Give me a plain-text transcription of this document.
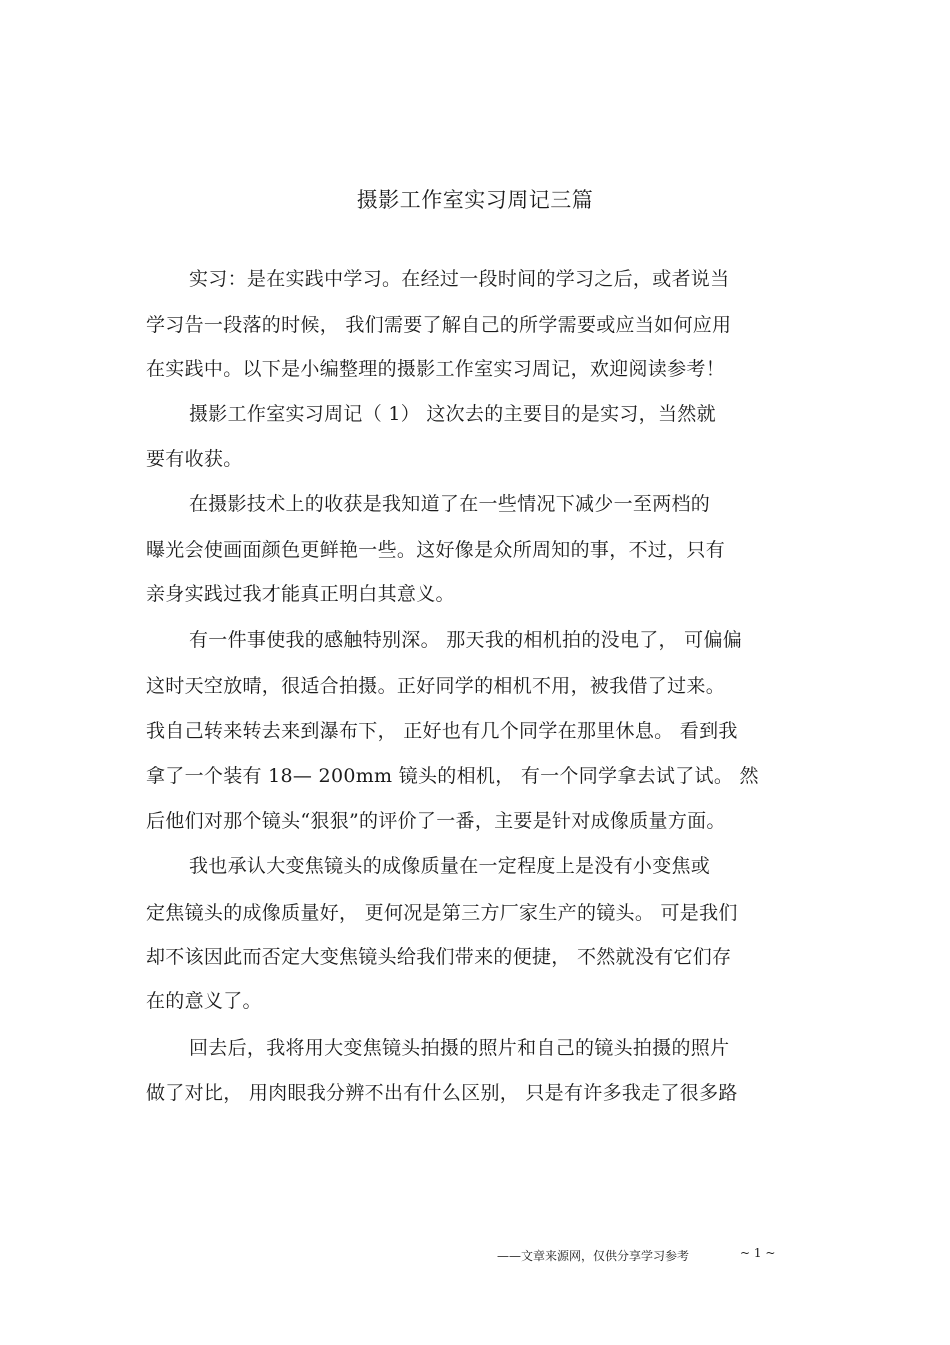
摄影工作室实习周记三篇
实习：是在实践中学习。在经过一段时间的学习之后，或者说当
学习告一段落的时候， 我们需要了解自己的所学需要或应当如何应用
在实践中。以下是小编整理的摄影工作室实习周记，欢迎阅读参考！
摄影工作室实习周记（ 1） 这次去的主要目的是实习，当然就
要有收获。
在摄影技术上的收获是我知道了在一些情况下减少一至两档的
曝光会使画面颜色更鲜艳一些。这好像是众所周知的事，不过，只有
亲身实践过我才能真正明白其意义。
有一件事使我的感触特别深。 那天我的相机拍的没电了， 可偏偏
这时天空放晴，很适合拍摄。正好同学的相机不用，被我借了过来。
我自己转来转去来到瀑布下， 正好也有几个同学在那里休息。 看到我
拿了一个装有 18— 200mm 镜头的相机， 有一个同学拿去试了试。 然
后他们对那个镜头“狠狠”的评价了一番，主要是针对成像质量方面。
我也承认大变焦镜头的成像质量在一定程度上是没有小变焦或
定焦镜头的成像质量好， 更何况是第三方厂家生产的镜头。 可是我们
却不该因此而否定大变焦镜头给我们带来的便捷， 不然就没有它们存
在的意义了。
回去后，我将用大变焦镜头拍摄的照片和自己的镜头拍摄的照片
做了对比， 用肉眼我分辨不出有什么区别， 只是有许多我走了很多路
——文章来源网，仅供分享学习参考	~ 1 ~
